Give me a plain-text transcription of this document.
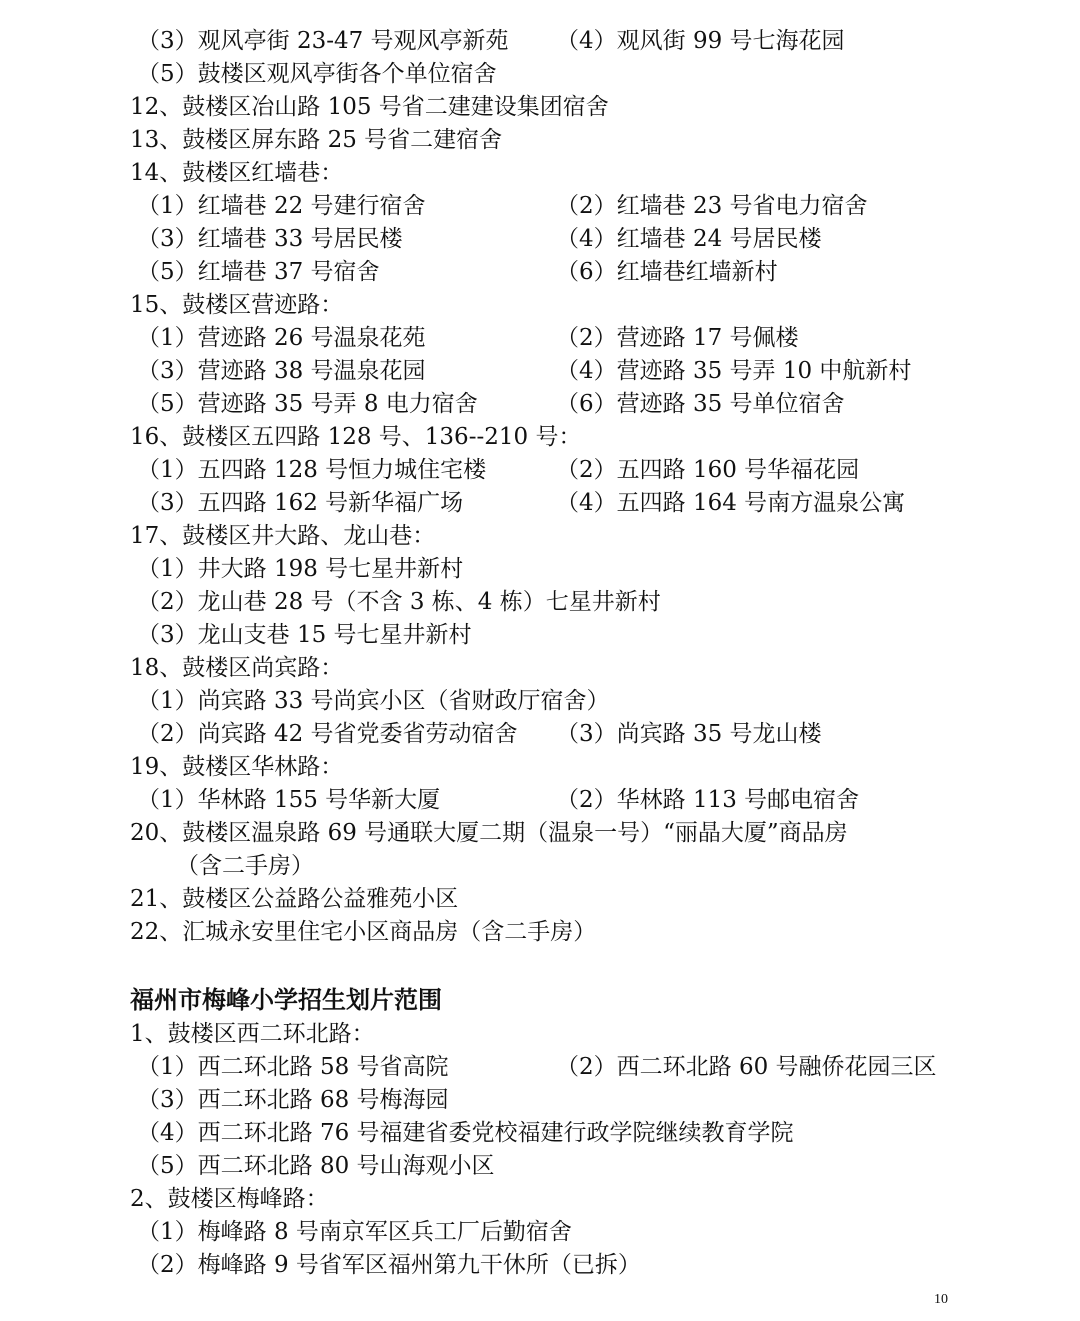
（3）观风亭街 23-47 号观风亭新苑 （4）观风街 99 号七海花园
（5）鼓楼区观风亭街各个单位宿舍
12、鼓楼区冶山路 105 号省二建建设集团宿舍
13、鼓楼区屏东路 25 号省二建宿舍
14、鼓楼区红墙巷：
（1）红墙巷 22 号建行宿舍	（2）红墙巷 23 号省电力宿舍
（3）红墙巷 33 号居民楼	（4）红墙巷 24 号居民楼
（5）红墙巷 37 号宿舍	（6）红墙巷红墙新村
15、鼓楼区营迹路：
（1）营迹路 26 号温泉花苑	（2）营迹路 17 号佩楼
（3）营迹路 38 号温泉花园	（4）营迹路 35 号弄 10 中航新村
（5）营迹路 35 号弄 8 电力宿舍	（6）营迹路 35 号单位宿舍
16、鼓楼区五四路 128 号、136--210 号：
（1）五四路 128 号恒力城住宅楼	（2）五四路 160 号华福花园
（3）五四路 162 号新华福广场	（4）五四路 164 号南方温泉公寓
17、鼓楼区井大路、龙山巷：
（1）井大路 198 号七星井新村
（2）龙山巷 28 号（不含 3 栋、4 栋）七星井新村
（3）龙山支巷 15 号七星井新村
18、鼓楼区尚宾路：
（1）尚宾路 33 号尚宾小区（省财政厅宿舍）
（2）尚宾路 42 号省党委省劳动宿舍 （3）尚宾路 35 号龙山楼
19、鼓楼区华林路：
（1）华林路 155 号华新大厦	（2）华林路 113 号邮电宿舍
20、鼓楼区温泉路 69 号通联大厦二期（温泉一号）“丽晶大厦”商品房
（含二手房）
21、鼓楼区公益路公益雅苑小区
22、汇城永安里住宅小区商品房（含二手房）
福州市梅峰小学招生划片范围
1、鼓楼区西二环北路：
（1）西二环北路 58 号省高院	（2）西二环北路 60 号融侨花园三区
（3）西二环北路 68 号梅海园
（4）西二环北路 76 号福建省委党校福建行政学院继续教育学院
（5）西二环北路 80 号山海观小区
2、鼓楼区梅峰路：
（1）梅峰路 8 号南京军区兵工厂后勤宿舍
（2）梅峰路 9 号省军区福州第九干休所（已拆）
10
